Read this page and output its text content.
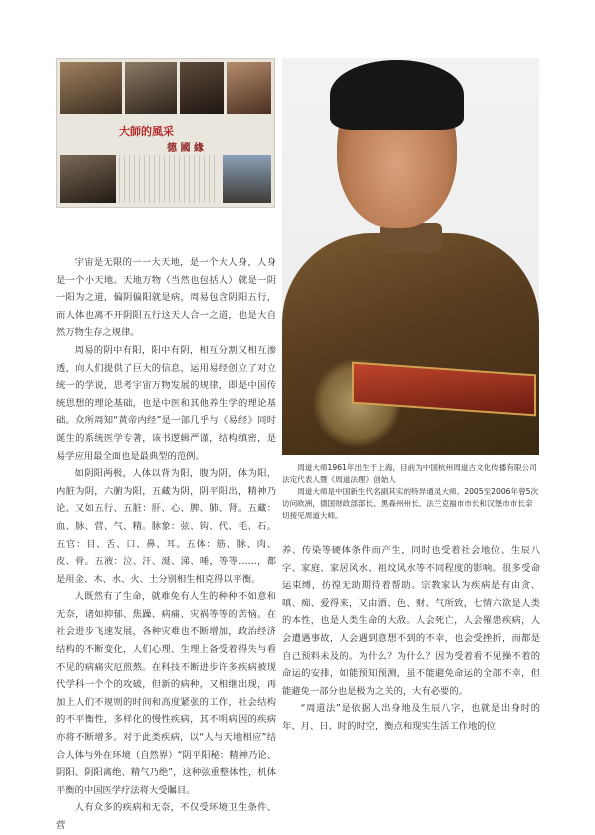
大師的風采
德 國 緣

周道大师1961年出生于上海，目前为中国杭州周道古文化传播有限公司法定代表人暨《周道法理》创始人

周道大师是中国新生代名副其实的特异通灵大师。2005至2006年曾5次访问欧洲，德国财政部部长、黑森州州长、法兰克福市市长和汉堡市市长亲切接见周道大师。

宇宙是无限的一一大天地，是一个大人身，人身是一个小天地。天地万物（当然也包括人）就是一阴一阳为之道，偏阴偏阳就是病，周易包含阴阳五行，而人体也离不开阴阳五行这天人合一之道，也是大自然万物生存之规律。

周易的阴中有阳，阳中有阴，相互分割又相互渗透，向人们提供了巨大的信息，运用易经创立了对立统一的学说，思考宇宙万物发展的规律，即是中国传统思想的理论基础，也是中医和其他养生学的理论基础。众所周知“黄帝内经”是一部几乎与《易经》同时诞生的系统医学专著，该书逻辑严谨，结构缜密，是易学应用最全面也是最典型的范例。

如阴阳两极，人体以背为阳，腹为阴，体为阳，内脏为阴，六腑为阳，五藏为阴，阴平阳出，精神乃论。又如五行、五脏：肝、心、脾、肺、肾。五藏：血、脉、营、气、精。脉象：弦、钩、代、毛、石。五官：目、舌、口、鼻、耳。五体：筋、脉、肉、皮、骨。五液：泣、汗、涎、涕、唾，等等……，都是用金、木、水、火、土分别相生相克得以平衡。

人既然有了生命，就难免有人生的种种不如意和无奈，诸如抑郁、焦躁、病痛、灾祸等等的苦恼。在社会进步飞速发展，各种灾难也不断增加，政治经济结构的不断变化，人们心理、生理上备受着得失与看不见的病痛灾厄煎熬。在科技不断进步许多疾病被现代学科一个个的攻破，但新的病种，又相继出现，再加上人们不规则的时间和高度紧张的工作，社会结构的不平衡性，多样化的慢性疾病，其不明病因的疾病亦将不断增多。对于此类疾病，以“人与天地相应”结合人体与外在环境（自然界）“阴平阳秘：精神乃论、阴阳、阴阳离绝、精气乃绝”，这种弦重整体性，机体平衡的中国医学疗法将大受瞩目。

人有众多的疾病和无奈，不仅受环境卫生条件、营

养、传染等硬体条件而产生，同时也受着社会地位、生辰八字、家庭、家居风水、祖坟风水等不同程度的影响。很多受命运束缚，彷徨无助期待着帮助。宗教家认为疾病是有由贪、嗔、痴、爱得来，又由酒、色、财、气所致，七情六欲是人类的本性，也是人类生命的大敌。人会死亡，人会罹患疾病，人会遭遇事故，人会遇到意想不到的不幸，也会受挫折，而都是自己预料未及的。为什么？为什么？因为受着看不见操不着的命运的安排，如能预知预测，虽不能避免命运的全部不幸，但能避免一部分也是极为之关的，大有必要的。

“周道法”是依据人出身地及生辰八字，也就是出身时的年、月、日、时的时空，衡点和现实生活工作地的位
